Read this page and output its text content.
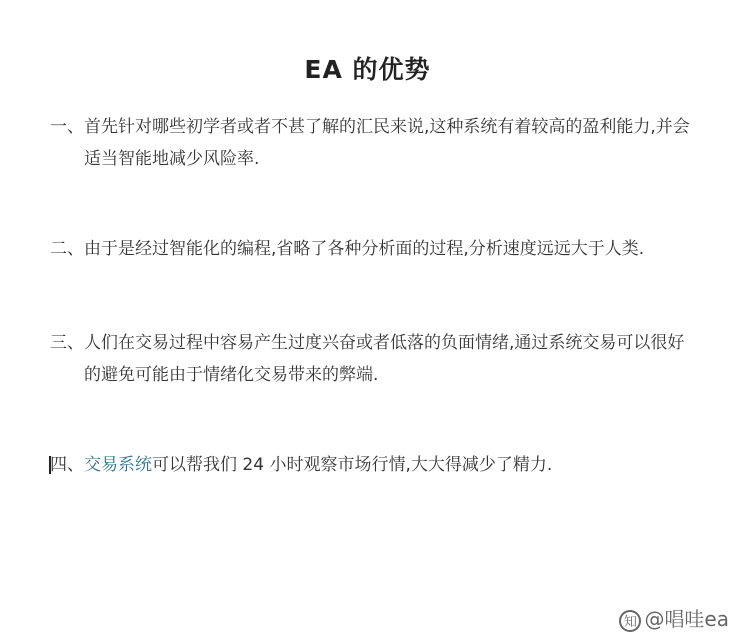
EA 的优势
一、首先针对哪些初学者或者不甚了解的汇民来说,这种系统有着较高的盈利能力,并会
适当智能地减少风险率.
二、由于是经过智能化的编程,省略了各种分析面的过程,分析速度远远大于人类.
三、人们在交易过程中容易产生过度兴奋或者低落的负面情绪,通过系统交易可以很好
的避免可能由于情绪化交易带来的弊端.
四、交易系统可以帮我们 24 小时观察市场行情,大大得减少了精力.
知 @唱哇ea
